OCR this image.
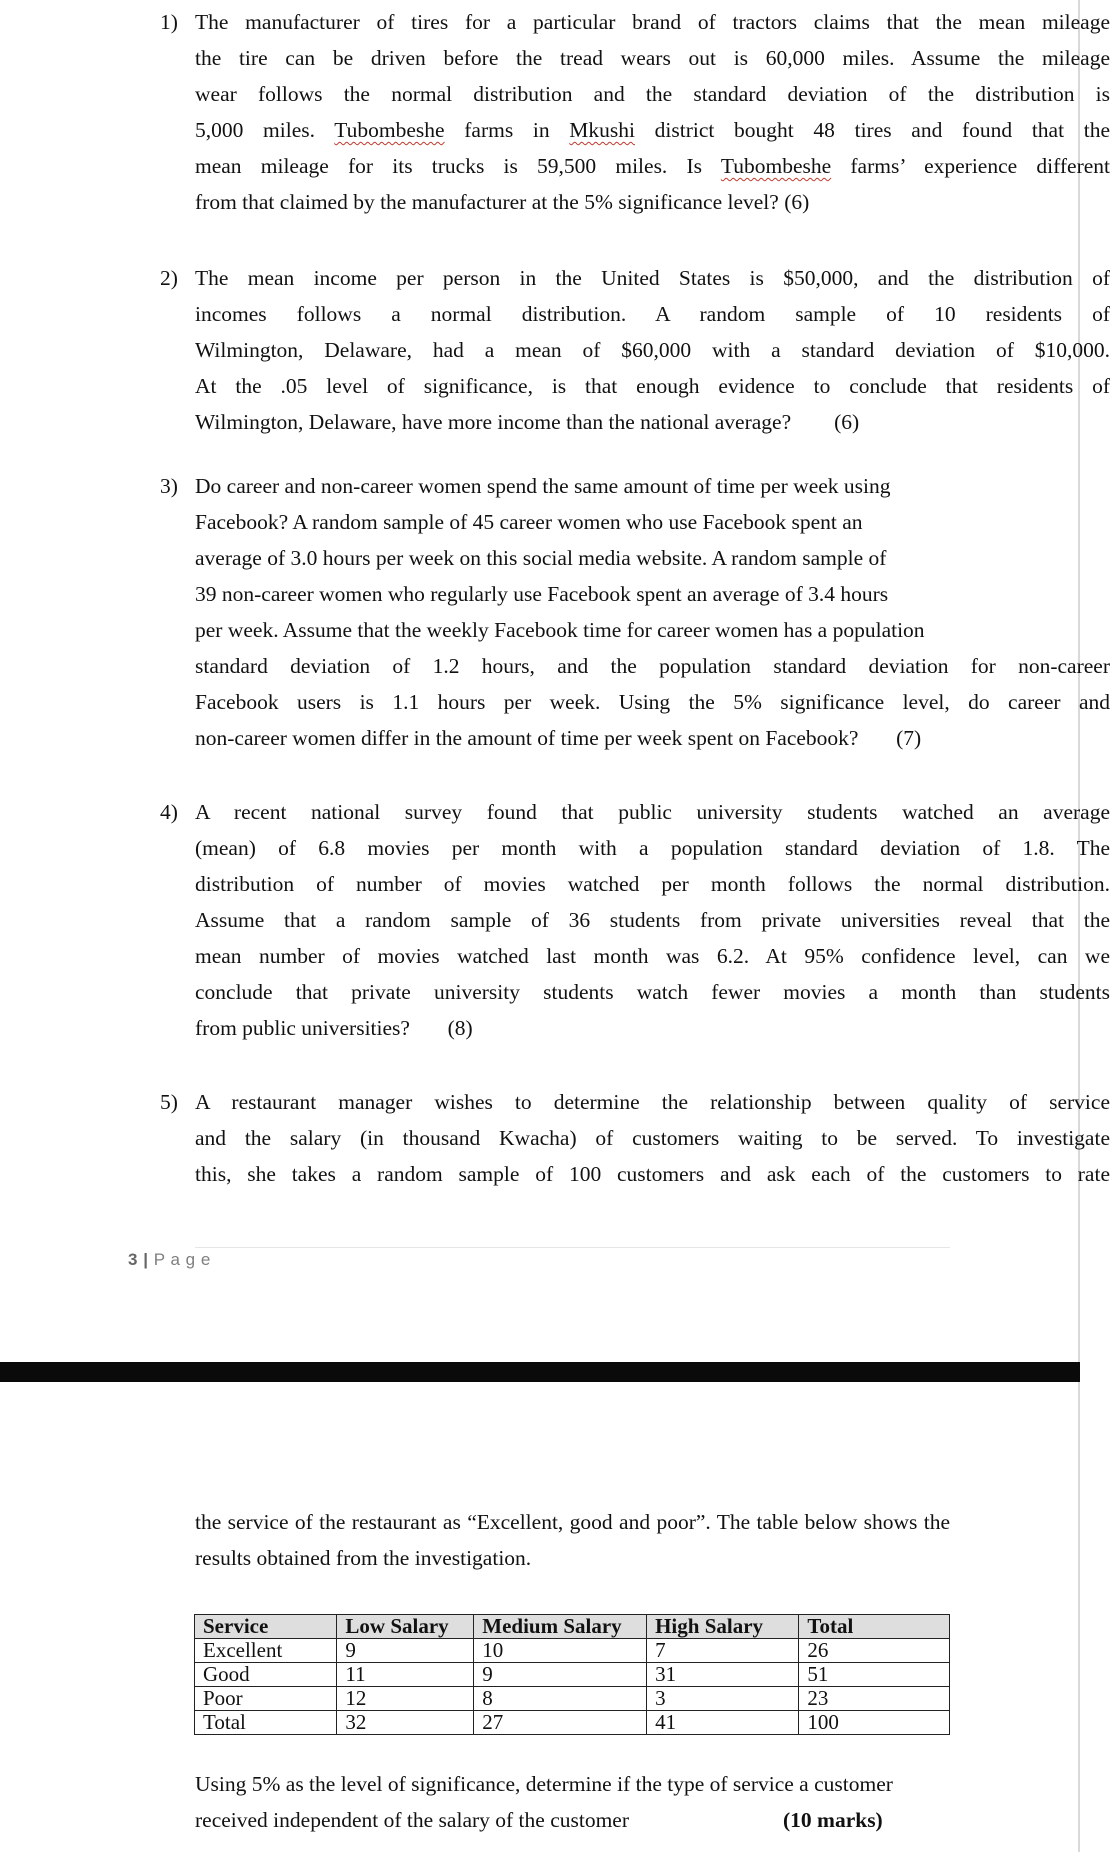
1) The manufacturer of tires for a particular brand of tractors claims that the mean mileage
the tire can be driven before the tread wears out is 60,000 miles. Assume the mileage
wear follows the normal distribution and the standard deviation of the distribution is
5,000 miles. Tubombeshe farms in Mkushi district bought 48 tires and found that the
mean mileage for its trucks is 59,500 miles. Is Tubombeshe farms’ experience different
from that claimed by the manufacturer at the 5% significance level? (6)
2) The mean income per person in the United States is $50,000, and the distribution of
incomes follows a normal distribution. A random sample of 10 residents of
Wilmington, Delaware, had a mean of $60,000 with a standard deviation of $10,000.
At the .05 level of significance, is that enough evidence to conclude that residents of
Wilmington, Delaware, have more income than the national average?        (6)
3) Do career and non-career women spend the same amount of time per week using
Facebook? A random sample of 45 career women who use Facebook spent an
average of 3.0 hours per week on this social media website. A random sample of
39 non-career women who regularly use Facebook spent an average of 3.4 hours
per week. Assume that the weekly Facebook time for career women has a population
standard deviation of 1.2 hours, and the population standard deviation for non-career
Facebook users is 1.1 hours per week. Using the 5% significance level, do career and
non-career women differ in the amount of time per week spent on Facebook?       (7)
4) A recent national survey found that public university students watched an average
(mean) of 6.8 movies per month with a population standard deviation of 1.8. The
distribution of number of movies watched per month follows the normal distribution.
Assume that a random sample of 36 students from private universities reveal that the
mean number of movies watched last month was 6.2. At 95% confidence level, can we
conclude that private university students watch fewer movies a month than students
from public universities?       (8)
5) A restaurant manager wishes to determine the relationship between quality of service
and the salary (in thousand Kwacha) of customers waiting to be served. To investigate
this, she takes a random sample of 100 customers and ask each of the customers to rate
3 | P a g e
the service of the restaurant as “Excellent, good and poor”. The table below shows the
results obtained from the investigation.
Service	Low Salary	Medium Salary	High Salary	Total
Excellent	9	10	7	26
Good	11	9	31	51
Poor	12	8	3	23
Total	32	27	41	100
Using 5% as the level of significance, determine if the type of service a customer
received independent of the salary of the customer	(10 marks)
